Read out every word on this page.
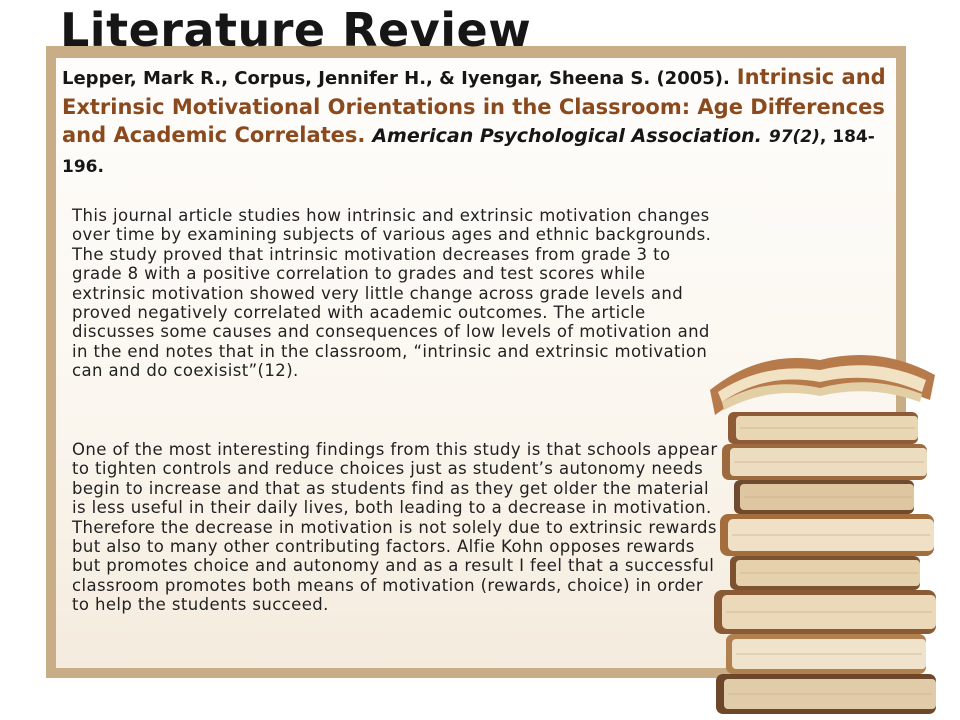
Literature Review

Lepper, Mark R., Corpus, Jennifer H., & Iyengar, Sheena S. (2005). Intrinsic and Extrinsic Motivational Orientations in the Classroom: Age Differences and Academic Correlates. American Psychological Association. 97(2), 184-196.

This journal article studies how intrinsic and extrinsic motivation changes over time by examining subjects of various ages and ethnic backgrounds. The study proved that intrinsic motivation decreases from grade 3 to grade 8 with a positive correlation to grades and test scores while extrinsic motivation showed very little change across grade levels and proved negatively correlated with academic outcomes. The article discusses some causes and consequences of low levels of motivation and in the end notes that in the classroom, “intrinsic and extrinsic motivation can and do coexisist”(12).

One of the most interesting findings from this study is that schools appear to tighten controls and reduce choices just as student’s autonomy needs begin to increase and that as students find as they get older the material is less useful in their daily lives, both leading to a decrease in motivation. Therefore the decrease in motivation is not solely due to extrinsic rewards but also to many other contributing factors. Alfie Kohn opposes rewards but promotes choice and autonomy and as a result I feel that a successful classroom promotes both means of motivation (rewards, choice) in order to help the students succeed.
